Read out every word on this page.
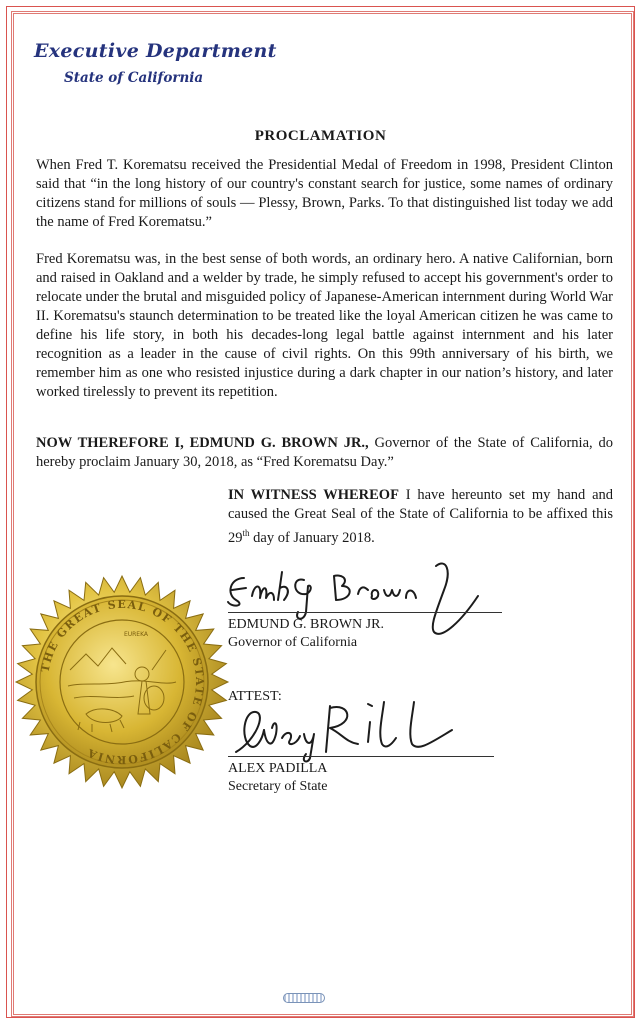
Executive Department
State of California
PROCLAMATION

When Fred T. Korematsu received the Presidential Medal of Freedom in 1998, President Clinton said that “in the long history of our country's constant search for justice, some names of ordinary citizens stand for millions of souls — Plessy, Brown, Parks. To that distinguished list today we add the name of Fred Korematsu.”

Fred Korematsu was, in the best sense of both words, an ordinary hero. A native Californian, born and raised in Oakland and a welder by trade, he simply refused to accept his government's order to relocate under the brutal and misguided policy of Japanese-American internment during World War II. Korematsu's staunch determination to be treated like the loyal American citizen he was came to define his life story, in both his decades-long legal battle against internment and his later recognition as a leader in the cause of civil rights. On this 99th anniversary of his birth, we remember him as one who resisted injustice during a dark chapter in our nation’s history, and later worked tirelessly to prevent its repetition.

NOW THEREFORE I, EDMUND G. BROWN JR., Governor of the State of California, do hereby proclaim January 30, 2018, as “Fred Korematsu Day.”

IN WITNESS WHEREOF I have hereunto set my hand and caused the Great Seal of the State of California to be affixed this 29th day of January 2018.

EDMUND G. BROWN JR.
Governor of California
ATTEST:
ALEX PADILLA
Secretary of State
THE GREAT SEAL OF THE STATE OF CALIFORNIA
EUREKA
